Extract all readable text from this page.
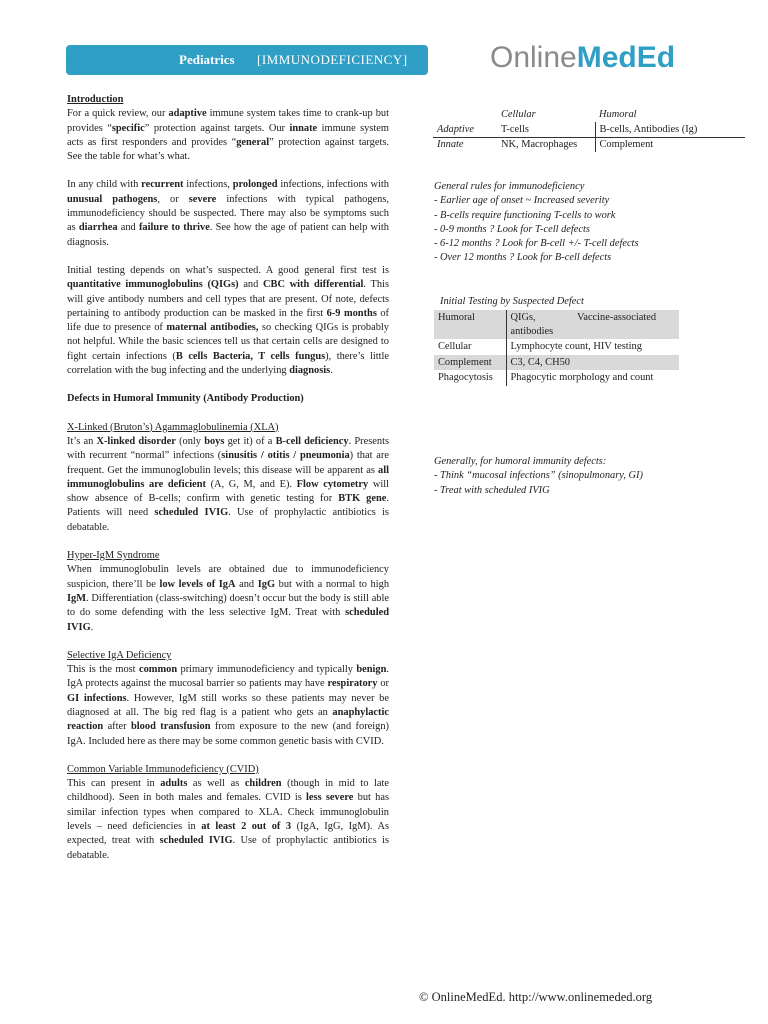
Pediatrics [IMMUNODEFICIENCY]	OnlineMedEd
Introduction

For a quick review, our adaptive immune system takes time to crank-up but provides “specific” protection against targets. Our innate immune system acts as first responders and provides “general” protection against targets. See the table for what’s what.

In any child with recurrent infections, prolonged infections, infections with unusual pathogens, or severe infections with typical pathogens, immunodeficiency should be suspected. There may also be symptoms such as diarrhea and failure to thrive. See how the age of patient can help with diagnosis.

Initial testing depends on what’s suspected. A good general first test is quantitative immunoglobulins (QIGs) and CBC with differential. This will give antibody numbers and cell types that are present. Of note, defects pertaining to antibody production can be masked in the first 6-9 months of life due to presence of maternal antibodies, so checking QIGs is probably not helpful. While the basic sciences tell us that certain cells are designed to fight certain infections (B cells Bacteria, T cells fungus), there’s little correlation with the bug infecting and the underlying diagnosis.

Defects in Humoral Immunity (Antibody Production)
X-Linked (Bruton’s) Agammaglobulinemia (XLA)
It’s an X-linked disorder (only boys get it) of a B-cell deficiency. Presents with recurrent “normal” infections (sinusitis / otitis / pneumonia) that are frequent. Get the immunoglobulin levels; this disease will be apparent as all immunoglobulins are deficient (A, G, M, and E). Flow cytometry will show absence of B-cells; confirm with genetic testing for BTK gene. Patients will need scheduled IVIG. Use of prophylactic antibiotics is debatable.
Hyper-IgM Syndrome
When immunoglobulin levels are obtained due to immunodeficiency suspicion, there’ll be low levels of IgA and IgG but with a normal to high IgM. Differentiation (class-switching) doesn’t occur but the body is still able to do some defending with the less selective IgM. Treat with scheduled IVIG.
Selective IgA Deficiency
This is the most common primary immunodeficiency and typically benign. IgA protects against the mucosal barrier so patients may have respiratory or GI infections. However, IgM still works so these patients may never be diagnosed at all. The big red flag is a patient who gets an anaphylactic reaction after blood transfusion from exposure to the new (and foreign) IgA. Included here as there may be some common genetic basis with CVID.
Common Variable Immunodeficiency (CVID)
This can present in adults as well as children (though in mid to late childhood). Seen in both males and females. CVID is less severe but has similar infection types when compared to XLA. Check immunoglobulin levels – need deficiencies in at least 2 out of 3 (IgA, IgG, IgM). As expected, treat with scheduled IVIG. Use of prophylactic antibiotics is debatable.
	Cellular	Humoral
Adaptive	T-cells	B-cells, Antibodies (Ig)
Innate	NK, Macrophages	Complement
General rules for immunodeficiency
- Earlier age of onset ~ Increased severity
- B-cells require functioning T-cells to work
- 0-9 months ? Look for T-cell defects
- 6-12 months ? Look for B-cell +/- T-cell defects
- Over 12 months ? Look for B-cell defects
Initial Testing by Suspected Defect
Humoral	QIGs,                Vaccine-associated antibodies
Cellular	Lymphocyte count, HIV testing
Complement	C3, C4, CH50
Phagocytosis	Phagocytic morphology and count
Generally, for humoral immunity defects:
- Think “mucosal infections” (sinopulmonary, GI)
- Treat with scheduled IVIG
© OnlineMedEd. http://www.onlinemeded.org
